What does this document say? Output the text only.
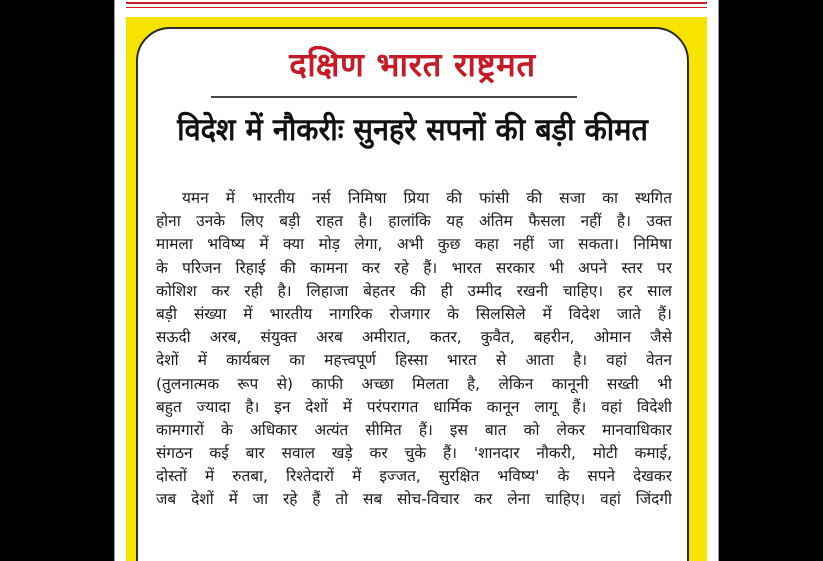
दक्षिण भारत राष्ट्रमत
विदेश में नौकरीः सुनहरे सपनों की बड़ी कीमत
यमन में भारतीय नर्स निमिषा प्रिया की फांसी की सजा का स्थगित
होना उनके लिए बड़ी राहत है। हालांकि यह अंतिम फैसला नहीं है। उक्त
मामला भविष्य में क्या मोड़ लेगा, अभी कुछ कहा नहीं जा सकता। निमिषा
के परिजन रिहाई की कामना कर रहे हैं। भारत सरकार भी अपने स्तर पर
कोशिश कर रही है। लिहाजा बेहतर की ही उम्मीद रखनी चाहिए। हर साल
बड़ी संख्या में भारतीय नागरिक रोजगार के सिलसिले में विदेश जाते हैं।
सऊदी अरब, संयुक्त अरब अमीरात, कतर, कुवैत, बहरीन, ओमान जैसे
देशों में कार्यबल का महत्त्वपूर्ण हिस्सा भारत से आता है। वहां वेतन
(तुलनात्मक रूप से) काफी अच्छा मिलता है, लेकिन कानूनी सख्ती भी
बहुत ज्यादा है। इन देशों में परंपरागत धार्मिक कानून लागू हैं। वहां विदेशी
कामगारों के अधिकार अत्यंत सीमित हैं। इस बात को लेकर मानवाधिकार
संगठन कई बार सवाल खड़े कर चुके हैं। 'शानदार नौकरी, मोटी कमाई,
दोस्तों में रुतबा, रिश्तेदारों में इज्जत, सुरक्षित भविष्य' के सपने देखकर
जब देशों में जा रहे हैं तो सब सोच-विचार कर लेना चाहिए। वहां जिंदगी
